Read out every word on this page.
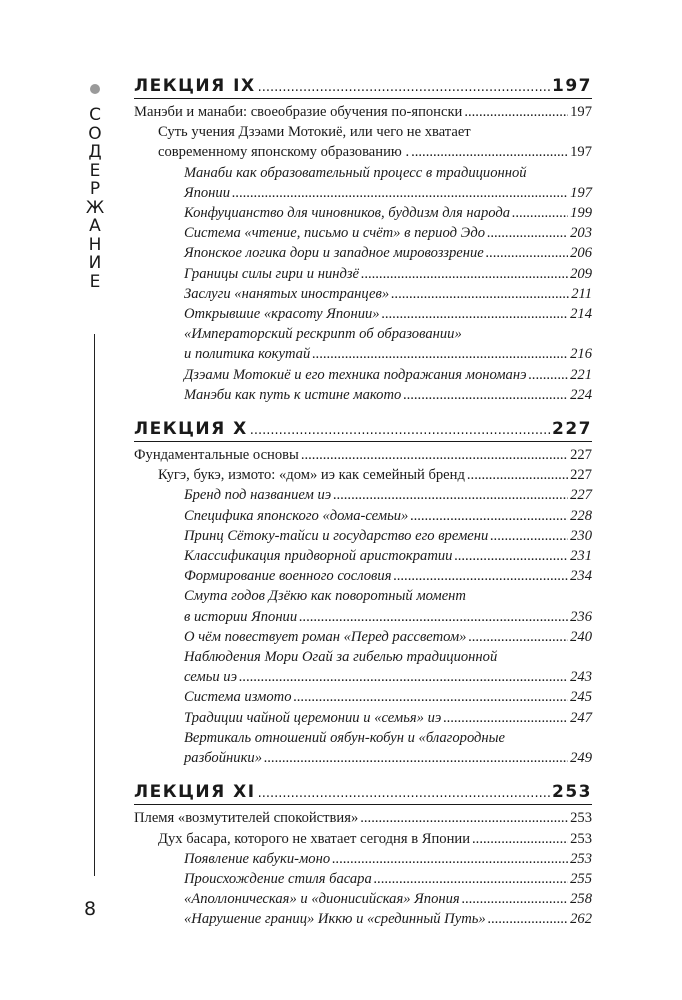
С
О
Д
Е
Р
Ж
А
Н
И
Е
8
ЛЕКЦИЯ IX .....	197
Манэби и манаби: своеобразие обучения по-японски .....	197
Суть учения Дзэами Мотокиё, или чего не хватает
современному японскому образованию . .....	197
Манаби как образовательный процесс в традиционной
Японии .....	197
Конфуцианство для чиновников, буддизм для народа .....	199
Система «чтение, письмо и счёт» в период Эдо .....	203
Японское логика дори и западное мировоззрение .....	206
Границы силы гири и ниндзё .....	209
Заслуги «нанятых иностранцев» .....	211
Открывшие «красоту Японии» .....	214
«Императорский рескрипт об образовании»
и политика кокутай .....	216
Дзэами Мотокиё и его техника подражания мономанэ .....	221
Манэби как путь к истине макото .....	224
ЛЕКЦИЯ X .....	227
Фундаментальные основы .....	227
Кугэ, букэ, измото: «дом» иэ как семейный бренд .....	227
Бренд под названием иэ .....	227
Специфика японского «дома-семьи» .....	228
Принц Сётоку-тайси и государство его времени .....	230
Классификация придворной аристократии .....	231
Формирование военного сословия .....	234
Смута годов Дзёкю как поворотный момент
в истории Японии .....	236
О чём повествует роман «Перед рассветом» .....	240
Наблюдения Мори Огай за гибелью традиционной
семьи иэ .....	243
Система измото .....	245
Традиции чайной церемонии и «семья» иэ .....	247
Вертикаль отношений оябун-кобун и «благородные
разбойники» .....	249
ЛЕКЦИЯ XI .....	253
Племя «возмутителей спокойствия» .....	253
Дух басара, которого не хватает сегодня в Японии .....	253
Появление кабуки-моно .....	253
Происхождение стиля басара .....	255
«Аполлоническая» и «дионисийская» Япония .....	258
«Нарушение границ» Иккю и «срединный Путь» .....	262
